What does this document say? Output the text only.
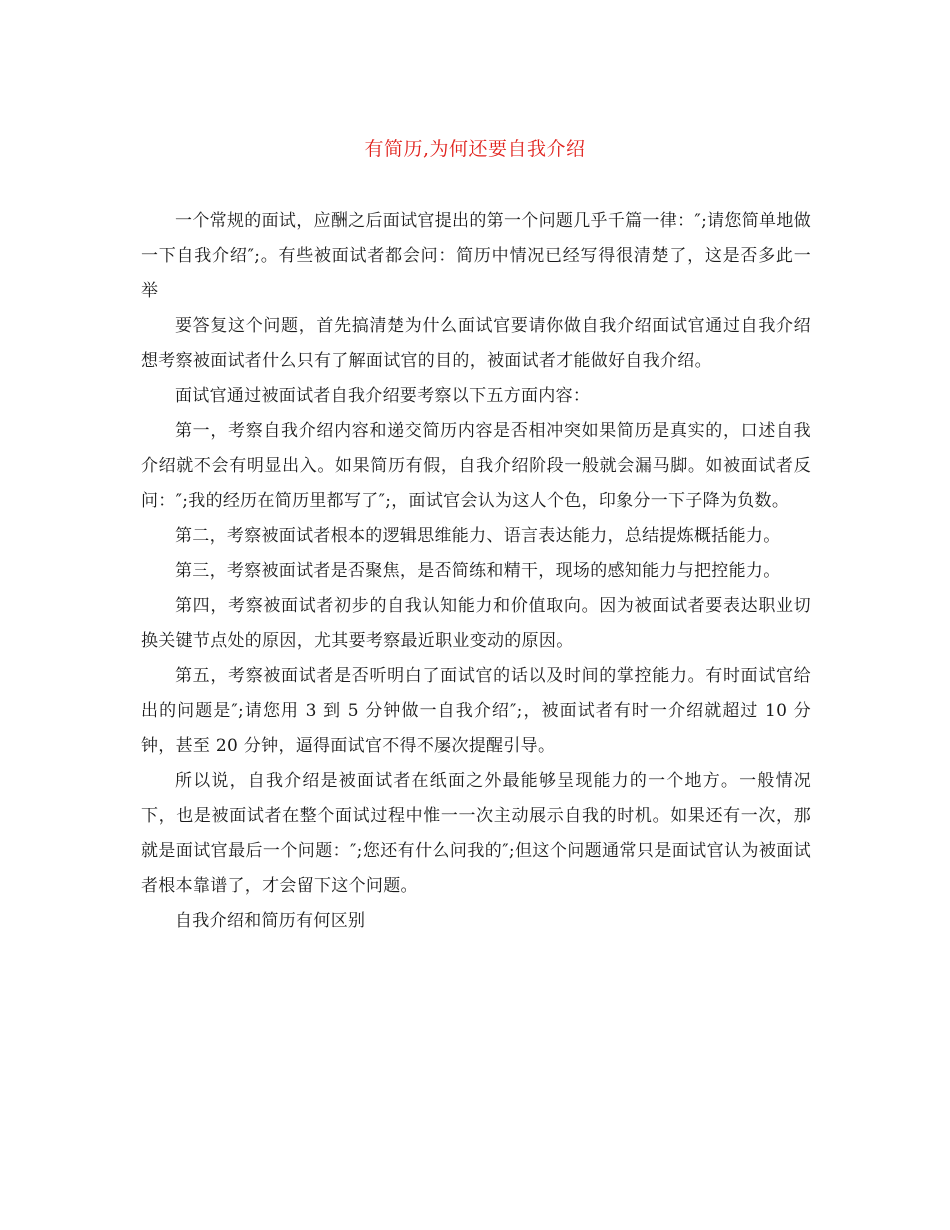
有简历,为何还要自我介绍

一个常规的面试，应酬之后面试官提出的第一个问题几乎千篇一律：″;请您简单地做一下自我介绍″;。有些被面试者都会问：简历中情况已经写得很清楚了，这是否多此一举

要答复这个问题，首先搞清楚为什么面试官要请你做自我介绍面试官通过自我介绍想考察被面试者什么只有了解面试官的目的，被面试者才能做好自我介绍。

面试官通过被面试者自我介绍要考察以下五方面内容：

第一，考察自我介绍内容和递交简历内容是否相冲突如果简历是真实的，口述自我介绍就不会有明显出入。如果简历有假，自我介绍阶段一般就会漏马脚。如被面试者反问：″;我的经历在简历里都写了″;，面试官会认为这人个色，印象分一下子降为负数。

第二，考察被面试者根本的逻辑思维能力、语言表达能力，总结提炼概括能力。

第三，考察被面试者是否聚焦，是否简练和精干，现场的感知能力与把控能力。

第四，考察被面试者初步的自我认知能力和价值取向。因为被面试者要表达职业切换关键节点处的原因，尤其要考察最近职业变动的原因。

第五，考察被面试者是否听明白了面试官的话以及时间的掌控能力。有时面试官给出的问题是″;请您用 3 到 5 分钟做一自我介绍″;，被面试者有时一介绍就超过 10 分钟，甚至 20 分钟，逼得面试官不得不屡次提醒引导。

所以说，自我介绍是被面试者在纸面之外最能够呈现能力的一个地方。一般情况下，也是被面试者在整个面试过程中惟一一次主动展示自我的时机。如果还有一次，那就是面试官最后一个问题：″;您还有什么问我的″;但这个问题通常只是面试官认为被面试者根本靠谱了，才会留下这个问题。

自我介绍和简历有何区别
